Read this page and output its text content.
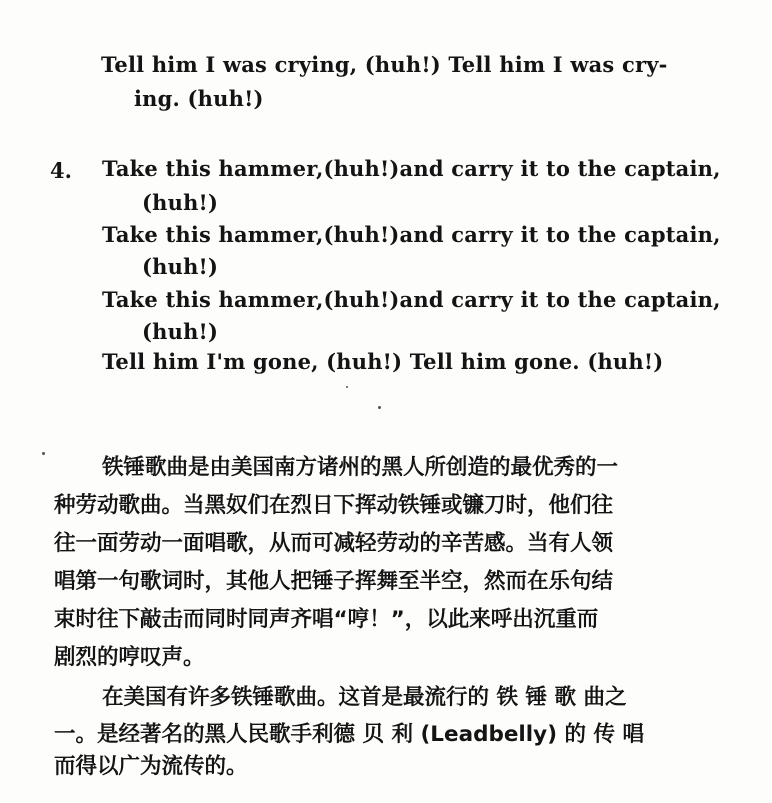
Tell him I was crying, (huh!) Tell him I was cry-
ing. (huh!)
4. Take this hammer,(huh!)and carry it to the captain,
(huh!)
Take this hammer,(huh!)and carry it to the captain,
(huh!)
Take this hammer,(huh!)and carry it to the captain,
(huh!)
Tell him I'm gone, (huh!) Tell him gone. (huh!)
铁锤歌曲是由美国南方诸州的黑人所创造的最优秀的一
种劳动歌曲。当黑奴们在烈日下挥动铁锤或镰刀时，他们往
往一面劳动一面唱歌，从而可减轻劳动的辛苦感。当有人领
唱第一句歌词时，其他人把锤子挥舞至半空，然而在乐句结
束时往下敲击而同时同声齐唱“哼！”，以此来呼出沉重而
剧烈的哼叹声。
在美国有许多铁锤歌曲。这首是最流行的 铁 锤 歌 曲之
一。是经著名的黑人民歌手利德 贝 利 (Leadbelly) 的 传 唱
而得以广为流传的。
